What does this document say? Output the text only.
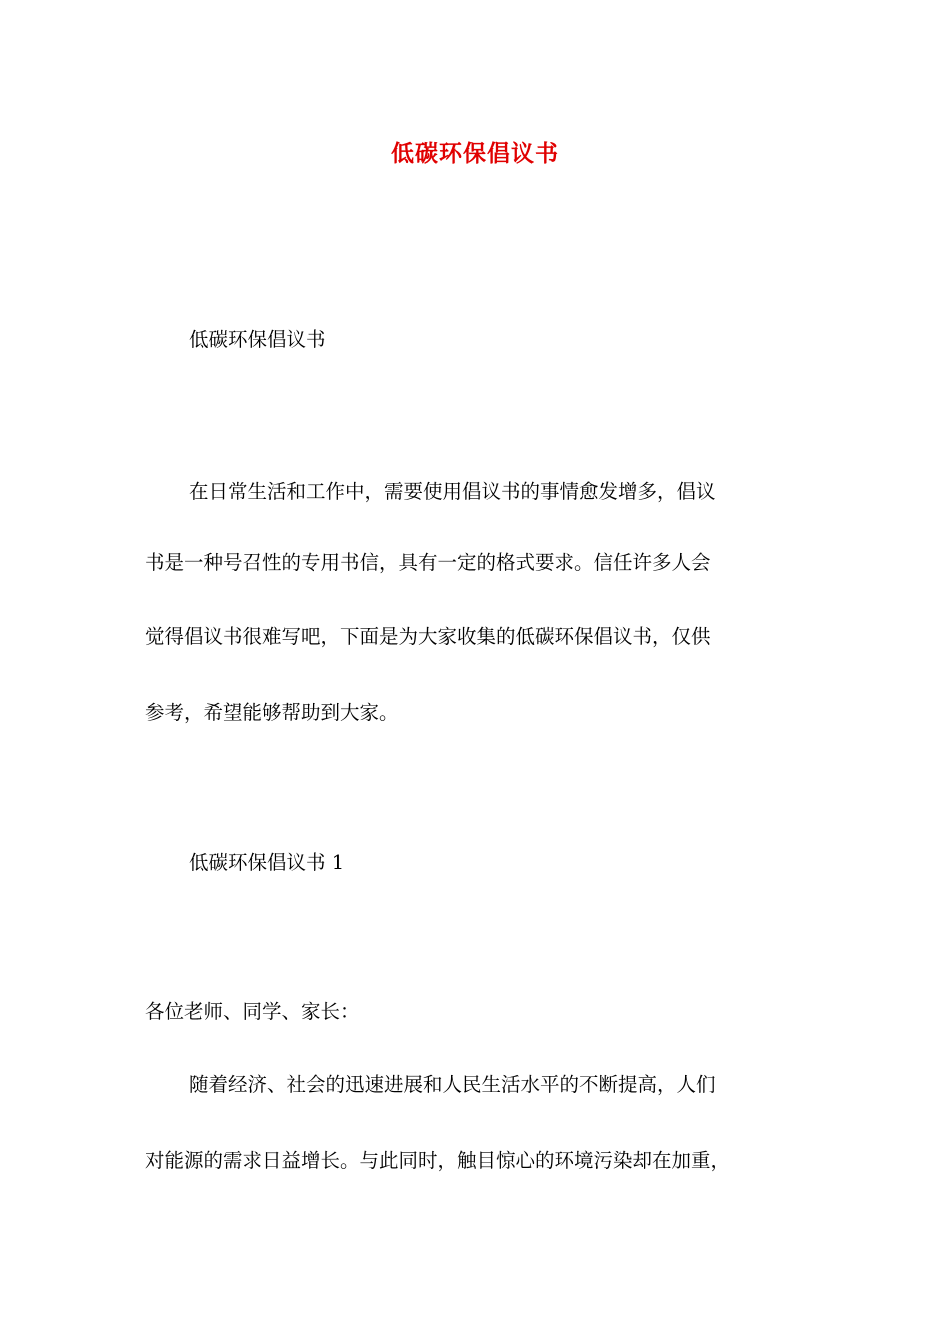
低碳环保倡议书
低碳环保倡议书
在日常生活和工作中，需要使用倡议书的事情愈发增多，倡议
书是一种号召性的专用书信，具有一定的格式要求。信任许多人会
觉得倡议书很难写吧，下面是为大家收集的低碳环保倡议书，仅供
参考，希望能够帮助到大家。
低碳环保倡议书 1
各位老师、同学、家长：
随着经济、社会的迅速进展和人民生活水平的不断提高，人们
对能源的需求日益增长。与此同时，触目惊心的环境污染却在加重，
